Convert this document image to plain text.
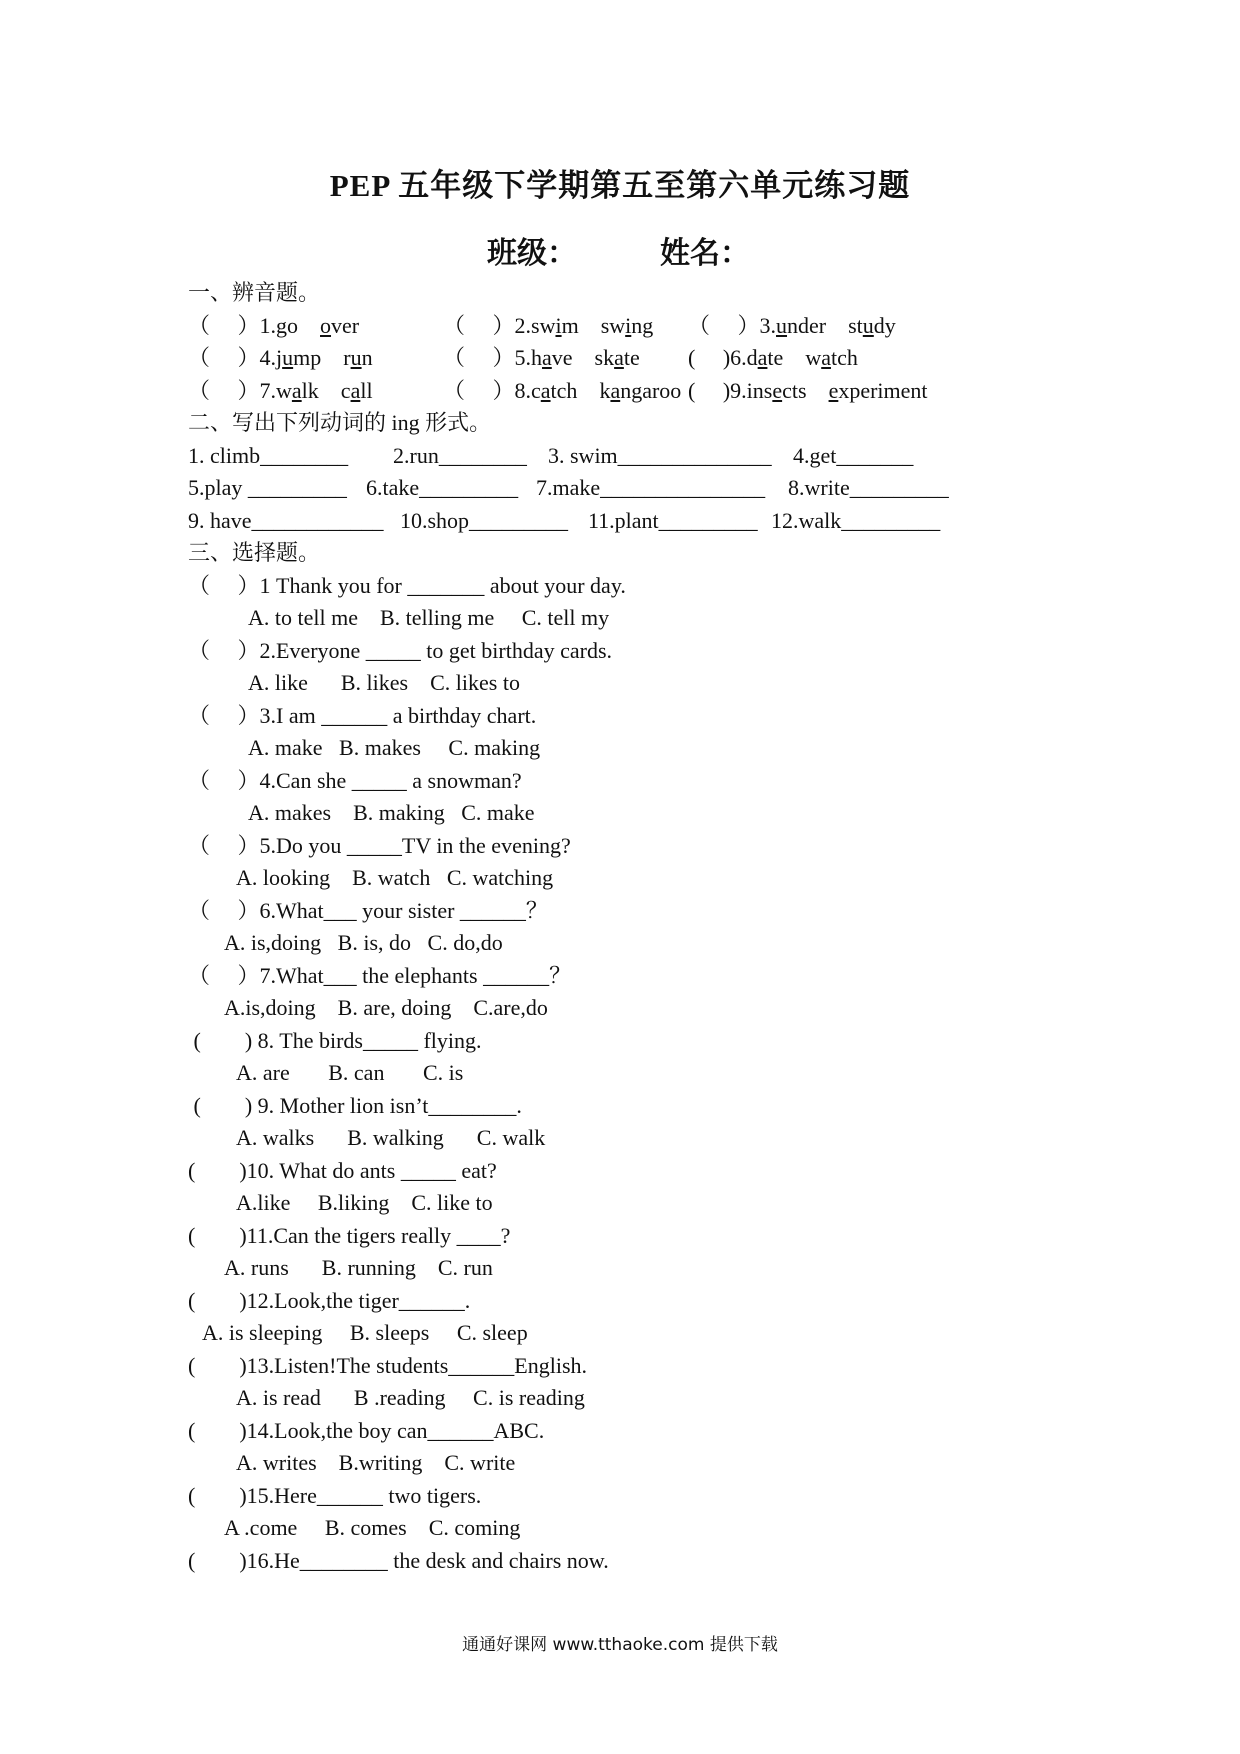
PEP 五年级下学期第五至第六单元练习题
班级：	姓名：
一、辨音题。
（　 ）1.go over	（　 ）2.swim swing （　 ）3.under study
（　 ）4.jump run	（　 ）5.have skate (　 )6.date watch
（　 ）7.walk call	（　 ）8.catch kangaroo (　 )9.insects experiment
二、写出下列动词的 ing 形式。
1. climb________ 2.run________ 3. swim______________ 4.get_______
5.play _________ 6.take_________ 7.make_______________ 8.write_________
9. have____________ 10.shop_________ 11.plant_________ 12.walk_________
三、选择题。
（　 ）1 Thank you for _______ about your day.
A. to tell me    B. telling me     C. tell my
（　 ）2.Everyone _____ to get birthday cards.
A. like      B. likes    C. likes to
（　 ）3.I am ______ a birthday chart.
A. make   B. makes     C. making
（　 ）4.Can she _____ a snowman?
A. makes    B. making   C. make
（　 ）5.Do you _____TV in the evening?
A. looking    B. watch   C. watching
（　 ）6.What___ your sister ______？
A. is,doing   B. is, do   C. do,do
（　 ）7.What___ the elephants ______？
A.is,doing    B. are, doing    C.are,do
(　　) 8. The birds_____ flying.
A. are       B. can       C. is
(　　) 9. Mother lion isn’t________.
A. walks      B. walking      C. walk
(　　)10. What do ants _____ eat?
A.like     B.liking    C. like to
(　　)11.Can the tigers really ____?
A. runs      B. running    C. run
(　　)12.Look,the tiger______.
A. is sleeping     B. sleeps     C. sleep
(　　)13.Listen!The students______English.
A. is read      B .reading     C. is reading
(　　)14.Look,the boy can______ABC.
A. writes    B.writing    C. write
(　　)15.Here______ two tigers.
A .come     B. comes    C. coming
(　　)16.He________ the desk and chairs now.
通通好课网 www.tthaoke.com 提供下载
